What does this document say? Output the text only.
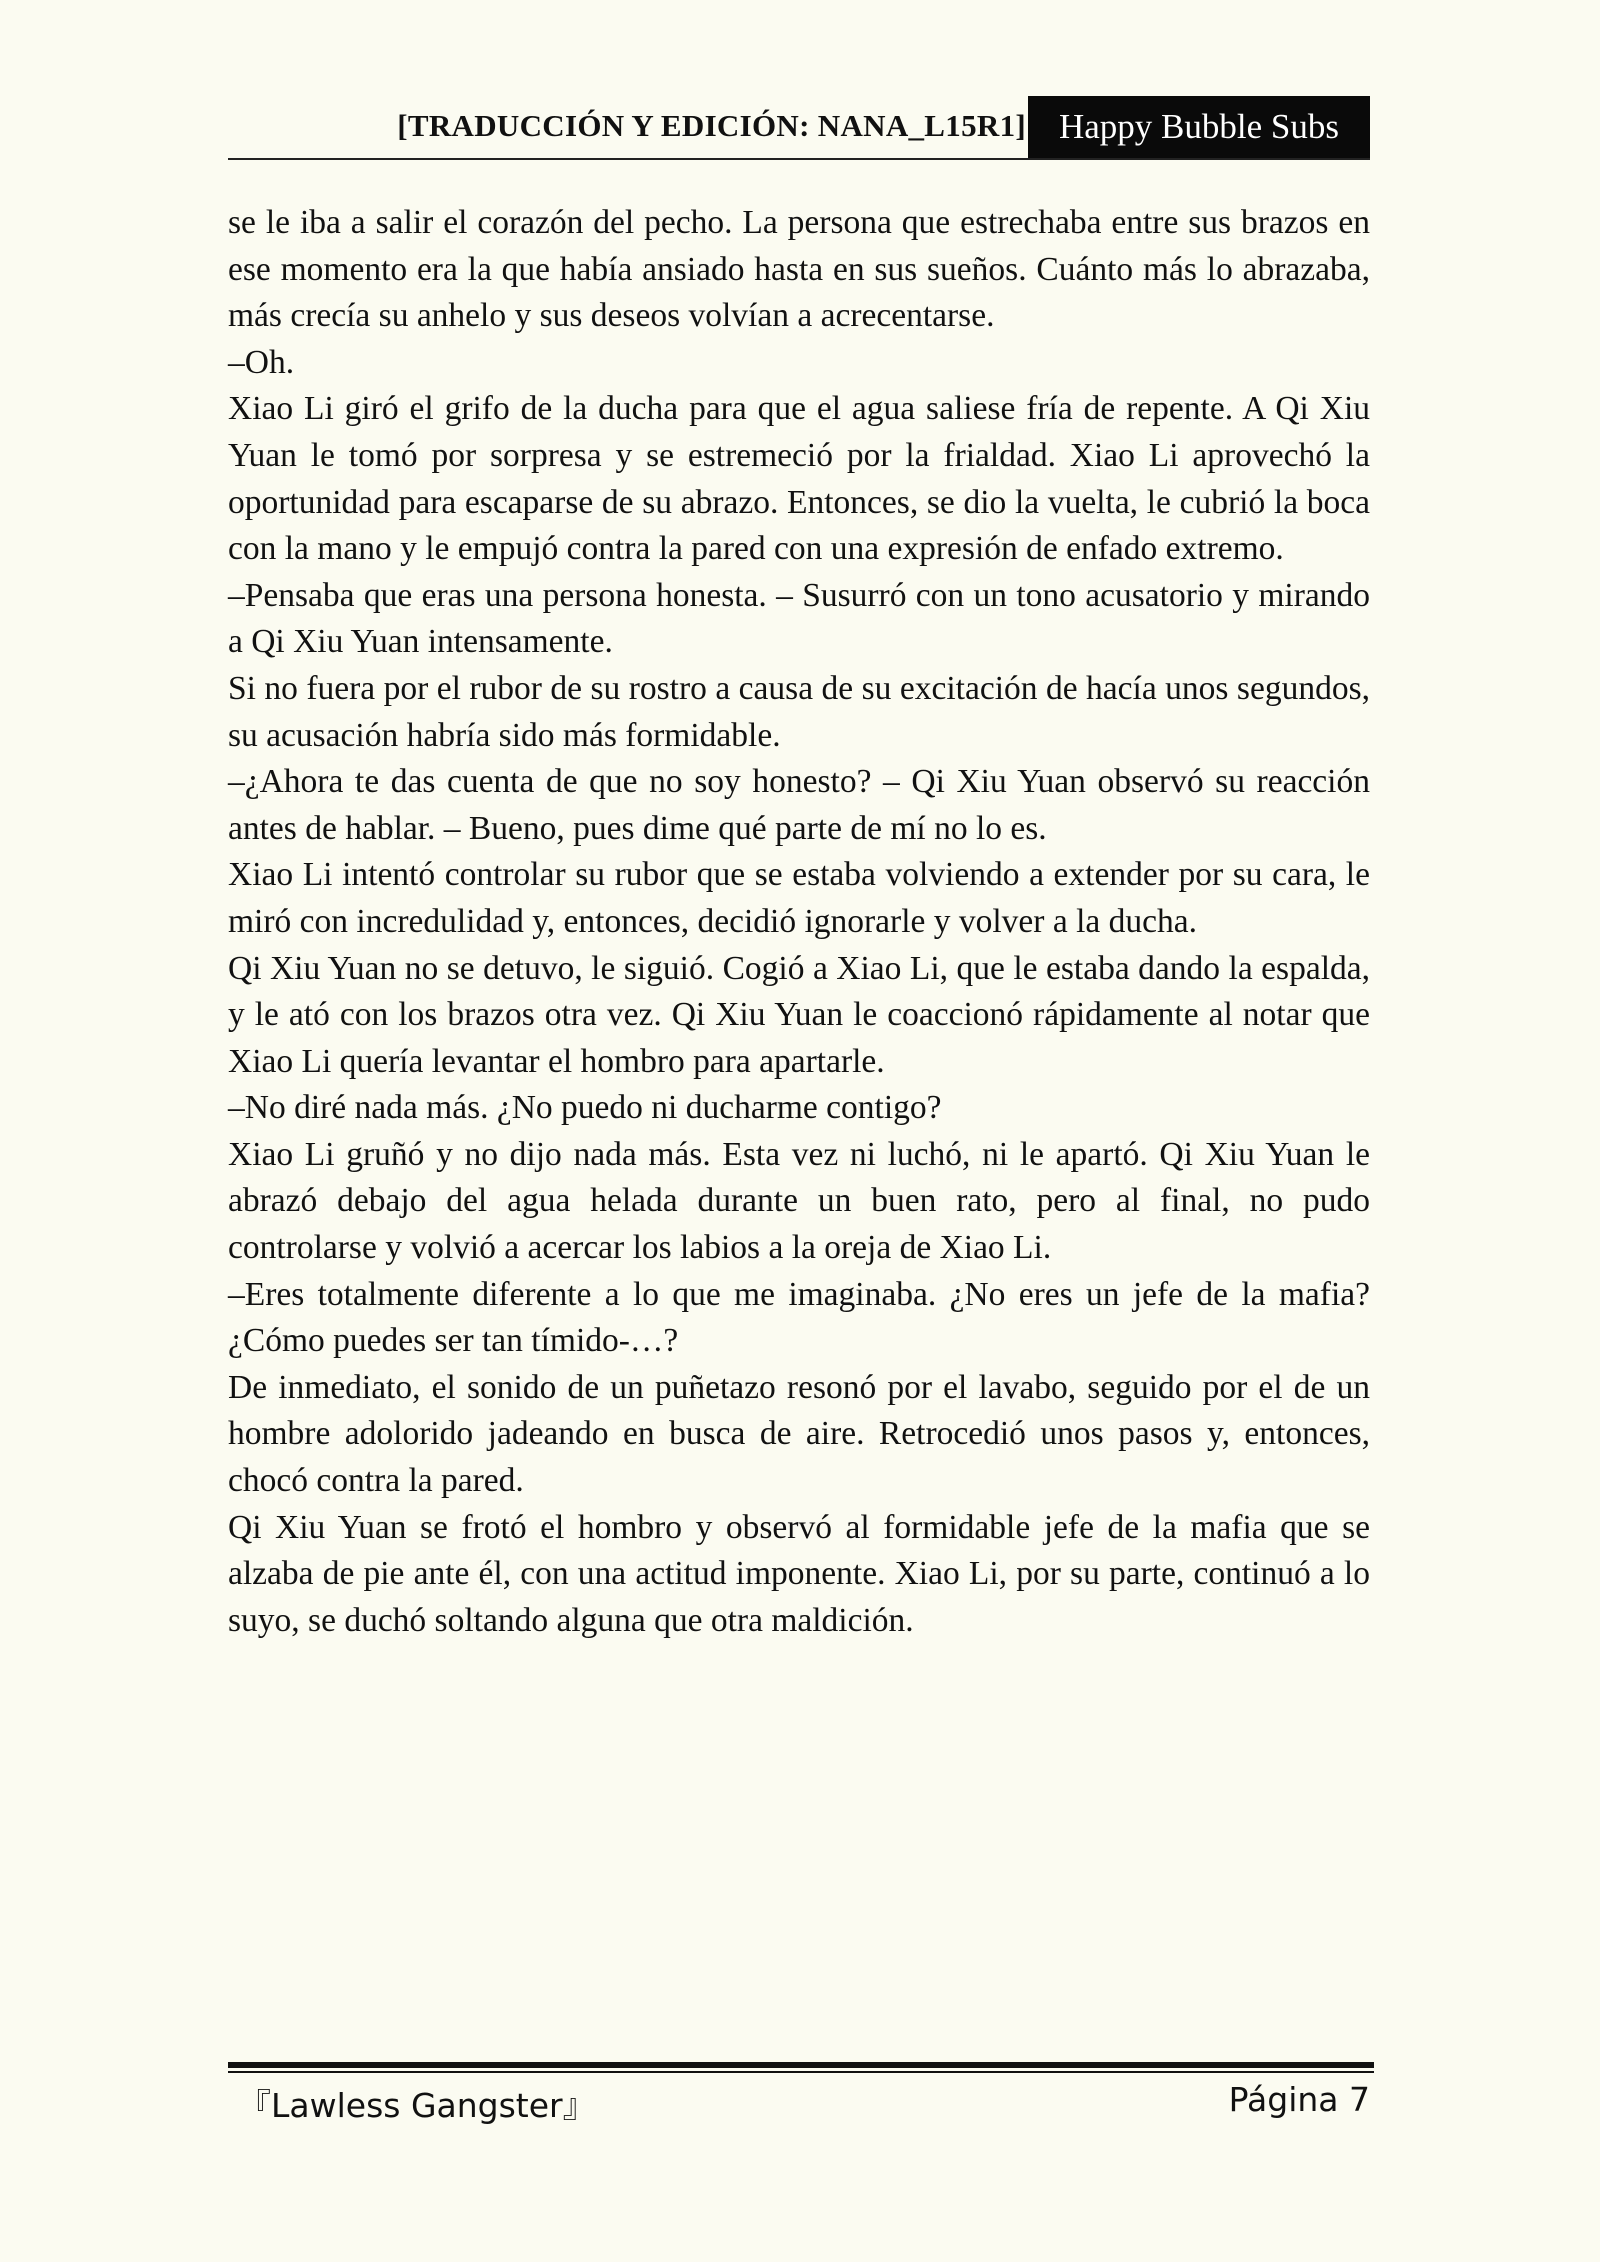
[TRADUCCIÓN Y EDICIÓN: NANA_L15R1] Happy Bubble Subs

se le iba a salir el corazón del pecho. La persona que estrechaba entre sus brazos en ese momento era la que había ansiado hasta en sus sueños. Cuánto más lo abrazaba, más crecía su anhelo y sus deseos volvían a acrecentarse.

–Oh.

Xiao Li giró el grifo de la ducha para que el agua saliese fría de repente. A Qi Xiu Yuan le tomó por sorpresa y se estremeció por la frialdad. Xiao Li aprovechó la oportunidad para escaparse de su abrazo. Entonces, se dio la vuelta, le cubrió la boca con la mano y le empujó contra la pared con una expresión de enfado extremo.

–Pensaba que eras una persona honesta. – Susurró con un tono acusatorio y mirando a Qi Xiu Yuan intensamente.

Si no fuera por el rubor de su rostro a causa de su excitación de hacía unos segundos, su acusación habría sido más formidable.

–¿Ahora te das cuenta de que no soy honesto? – Qi Xiu Yuan observó su reacción antes de hablar. – Bueno, pues dime qué parte de mí no lo es.

Xiao Li intentó controlar su rubor que se estaba volviendo a extender por su cara, le miró con incredulidad y, entonces, decidió ignorarle y volver a la ducha.

Qi Xiu Yuan no se detuvo, le siguió. Cogió a Xiao Li, que le estaba dando la espalda, y le ató con los brazos otra vez. Qi Xiu Yuan le coaccionó rápidamente al notar que Xiao Li quería levantar el hombro para apartarle.

–No diré nada más. ¿No puedo ni ducharme contigo?

Xiao Li gruñó y no dijo nada más. Esta vez ni luchó, ni le apartó. Qi Xiu Yuan le abrazó debajo del agua helada durante un buen rato, pero al final, no pudo controlarse y volvió a acercar los labios a la oreja de Xiao Li.

–Eres totalmente diferente a lo que me imaginaba. ¿No eres un jefe de la mafia? ¿Cómo puedes ser tan tímido-…?

De inmediato, el sonido de un puñetazo resonó por el lavabo, seguido por el de un hombre adolorido jadeando en busca de aire. Retrocedió unos pasos y, entonces, chocó contra la pared.

Qi Xiu Yuan se frotó el hombro y observó al formidable jefe de la mafia que se alzaba de pie ante él, con una actitud imponente. Xiao Li, por su parte, continuó a lo suyo, se duchó soltando alguna que otra maldición.

『Lawless Gangster』	Página 7
